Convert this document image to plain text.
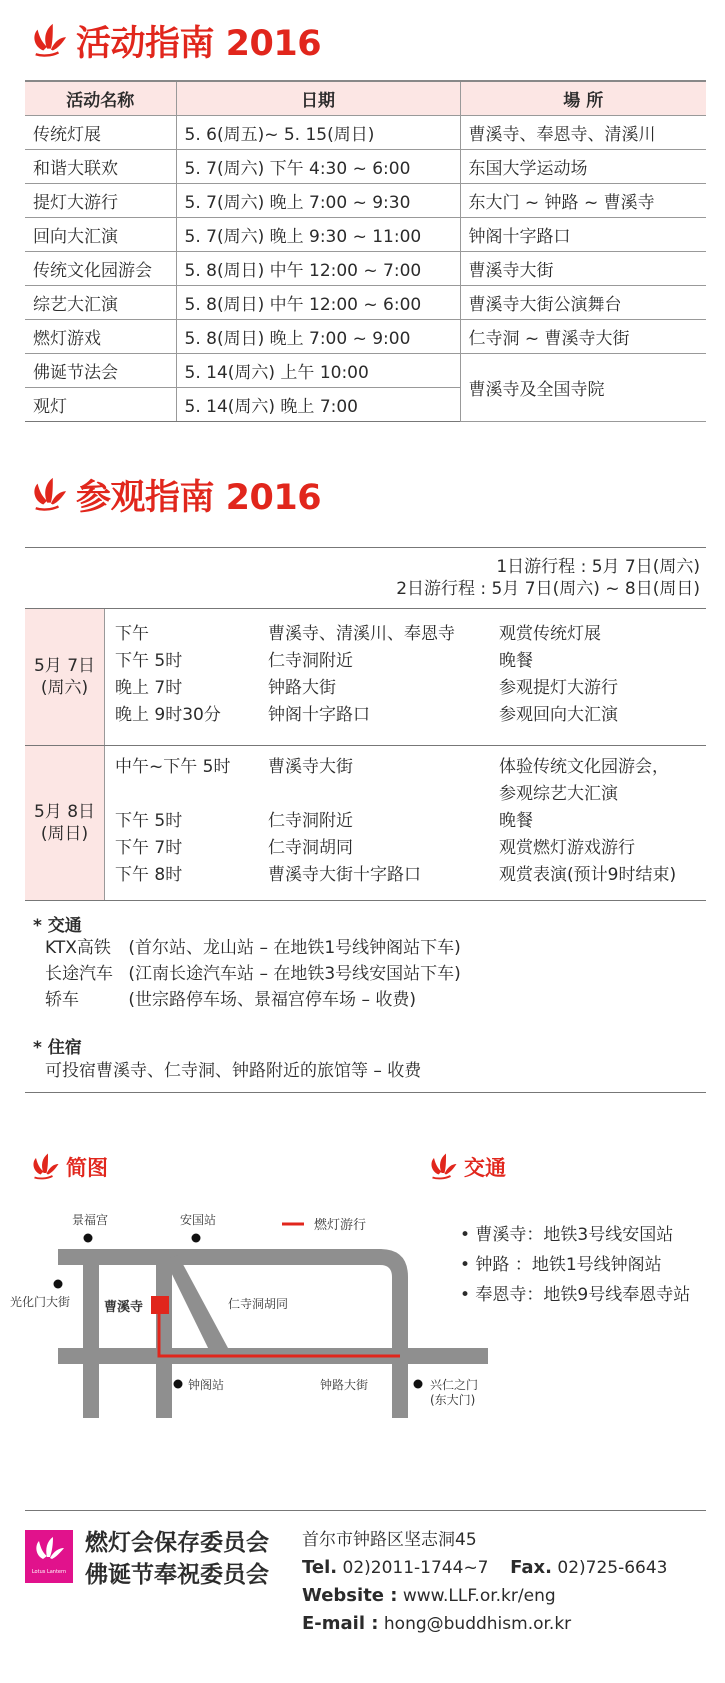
活动指南 2016
活动名称	日期	場 所
传统灯展	5. 6(周五)~ 5. 15(周日)	曹溪寺、奉恩寺、清溪川
和谐大联欢	5. 7(周六) 下午 4:30 ~ 6:00	东国大学运动场
提灯大游行	5. 7(周六) 晚上 7:00 ~ 9:30	东大门 ~ 钟路 ~ 曹溪寺
回向大汇演	5. 7(周六) 晚上 9:30 ~ 11:00	钟阁十字路口
传统文化园游会	5. 8(周日) 中午 12:00 ~ 7:00	曹溪寺大街
综艺大汇演	5. 8(周日) 中午 12:00 ~ 6:00	曹溪寺大街公演舞台
燃灯游戏	5. 8(周日) 晚上 7:00 ~ 9:00	仁寺洞 ~ 曹溪寺大街
佛诞节法会	5. 14(周六) 上午 10:00	曹溪寺及全国寺院
观灯	5. 14(周六) 晚上 7:00	
参观指南 2016
1日游行程 : 5月 7日(周六)
2日游行程 : 5月 7日(周六) ~ 8日(周日)
5月 7日
(周六)
下午	曹溪寺、清溪川、奉恩寺	观赏传统灯展
下午 5时	仁寺洞附近	晚餐
晚上 7时	钟路大街	参观提灯大游行
晚上 9时30分	钟阁十字路口	参观回向大汇演
5月 8日
(周日)
中午~下午 5时 曹溪寺大街	体验传统文化园游会，
参观综艺大汇演
下午 5时	仁寺洞附近	晚餐
下午 7时	仁寺洞胡同	观赏燃灯游戏游行
下午 8时	曹溪寺大街十字路口	观赏表演(预计9时结束)
* 交通
KTX高铁 (首尔站、龙山站 – 在地铁1号线钟阁站下车)
长途汽车 (江南长途汽车站 – 在地铁3号线安国站下车)
轿车	(世宗路停车场、景福宫停车场 – 收费)
* 住宿
可投宿曹溪寺、仁寺洞、钟路附近的旅馆等 – 收费
简图
燃灯游行
景福宫	安国站
光化门大街	曹溪寺	仁寺洞胡同
钟阁站	钟路大街	兴仁之门
(东大门)
交通
• 曹溪寺：地铁3号线安国站
• 钟路 ：地铁1号线钟阁站
• 奉恩寺：地铁9号线奉恩寺站
Lotus Lantern
燃灯会保存委员会
佛诞节奉祝委员会
首尔市钟路区坚志洞45
Tel. 02)2011-1744~7 Fax. 02)725-6643
Website : www.LLF.or.kr/eng
E-mail : hong@buddhism.or.kr
